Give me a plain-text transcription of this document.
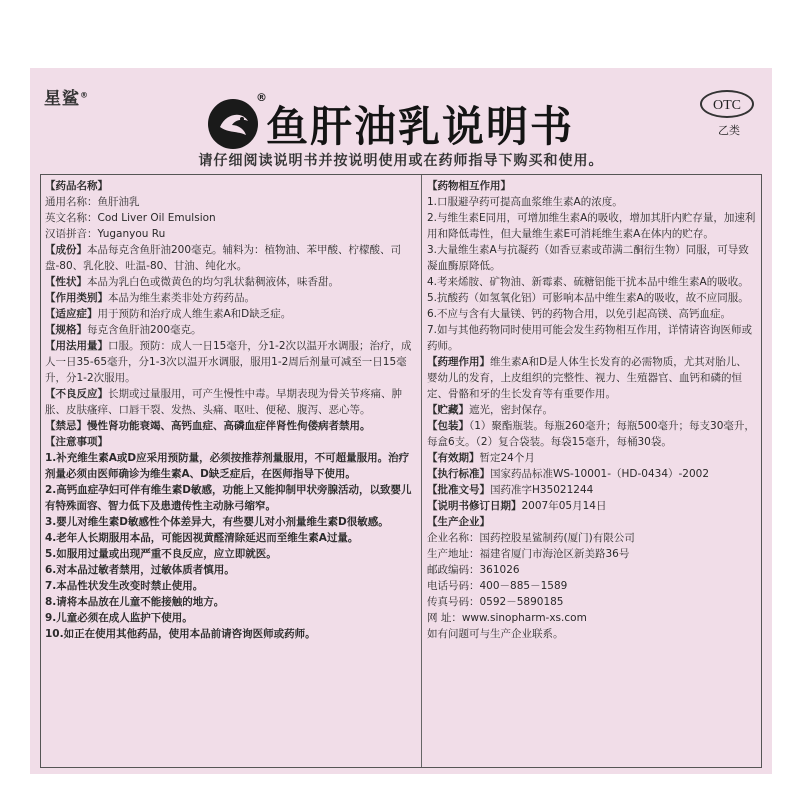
星鲨®	®
鱼肝油乳说明书	OTC
乙类
请仔细阅读说明书并按说明使用或在药师指导下购买和使用。

【药品名称】

通用名称：鱼肝油乳

英文名称：Cod Liver Oil Emulsion

汉语拼音：Yuganyou Ru

【成份】本品每克含鱼肝油200毫克。辅料为：植物油、苯甲酸、柠檬酸、司盘-80、乳化胶、吐温-80、甘油、纯化水。

【性状】本品为乳白色或微黄色的均匀乳状黏稠液体，味香甜。

【作用类别】本品为维生素类非处方药药品。

【适应症】用于预防和治疗成人维生素A和D缺乏症。

【规格】每克含鱼肝油200毫克。

【用法用量】口服。预防：成人一日15毫升，分1-2次以温开水调服；治疗，成人一日35-65毫升，分1-3次以温开水调服，服用1-2周后剂量可减至一日15毫升，分1-2次服用。

【不良反应】长期或过量服用，可产生慢性中毒。早期表现为骨关节疼痛、肿胀、皮肤瘙痒、口唇干裂、发热、头痛、呕吐、便秘、腹泻、恶心等。

【禁忌】慢性肾功能衰竭、高钙血症、高磷血症伴肾性佝偻病者禁用。

【注意事项】

1.补充维生素A或D应采用预防量，必须按推荐剂量服用，不可超量服用。治疗剂量必须由医师确诊为维生素A、D缺乏症后，在医师指导下使用。

2.高钙血症孕妇可伴有维生素D敏感，功能上又能抑制甲状旁腺活动，以致婴儿有特殊面容、智力低下及患遗传性主动脉弓缩窄。

3.婴儿对维生素D敏感性个体差异大，有些婴儿对小剂量维生素D很敏感。

4.老年人长期服用本品，可能因视黄醛清除延迟而至维生素A过量。

5.如服用过量或出现严重不良反应，应立即就医。

6.对本品过敏者禁用，过敏体质者慎用。

7.本品性状发生改变时禁止使用。

8.请将本品放在儿童不能接触的地方。

9.儿童必须在成人监护下使用。

10.如正在使用其他药品，使用本品前请咨询医师或药师。

【药物相互作用】

1.口服避孕药可提高血浆维生素A的浓度。

2.与维生素E同用，可增加维生素A的吸收，增加其肝内贮存量，加速利用和降低毒性，但大量维生素E可消耗维生素A在体内的贮存。

3.大量维生素A与抗凝药（如香豆素或茚满二酮衍生物）同服，可导致凝血酶原降低。

4.考来烯胺、矿物油、新霉素、硫糖铝能干扰本品中维生素A的吸收。

5.抗酸药（如氢氧化铝）可影响本品中维生素A的吸收，故不应同服。

6.不应与含有大量镁、钙的药物合用，以免引起高镁、高钙血症。

7.如与其他药物同时使用可能会发生药物相互作用，详情请咨询医师或药师。

【药理作用】维生素A和D是人体生长发育的必需物质，尤其对胎儿、婴幼儿的发育，上皮组织的完整性、视力、生殖器官、血钙和磷的恒定、骨骼和牙的生长发育等有重要作用。

【贮藏】遮光，密封保存。

【包装】（1）聚酯瓶装。每瓶260毫升；每瓶500毫升；每支30毫升，每盒6支。（2）复合袋装。每袋15毫升，每桶30袋。

【有效期】暂定24个月

【执行标准】国家药品标准WS-10001-（HD-0434）-2002

【批准文号】国药准字H35021244

【说明书修订日期】2007年05月14日

【生产企业】

企业名称：国药控股星鲨制药(厦门)有限公司

生产地址：福建省厦门市海沧区新美路36号

邮政编码：361026

电话号码：400－885－1589

传真号码：0592－5890185

网 址：www.sinopharm-xs.com

如有问题可与生产企业联系。
